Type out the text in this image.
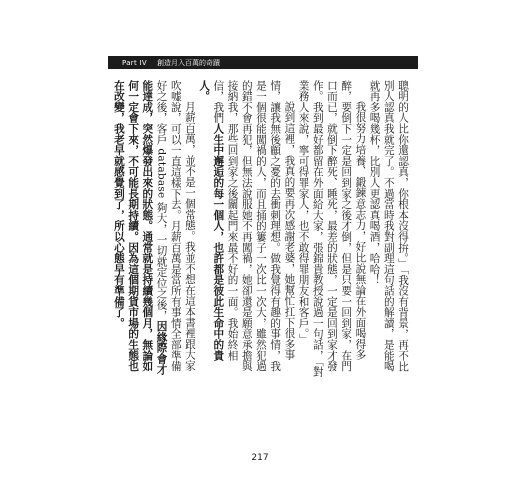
Part IV 創造月入百萬的奇蹟

聰明的人比你還認真，你根本沒得拚。」「我沒有背景，再不比別人認真我就完了。不過當時我對副理這句話的解讀，是能喝就再多喝幾杯，比別人更認真喝酒，哈哈！

我很努力培養、鍛鍊意志力，好比說無論在外面喝得多醉，要倒下一定是回到家之後才倒，但是只要一回到家，在門口而已，就倒下醉死、睡死，最差的狀態，一定是回到家才發作。我到最好都留在外面給大家，張錦貴教授說過一句話，「對業務人來說，寧可得罪家人，也不敢得罪朋友和客戶。」

說到這裡，我真的要再次感謝老婆，她幫忙扛下很多事情，讓我無後顧之憂的去衝刺理想。做我覺得有趣的事情，我是一個很能闖禍的人，而且捅的簍子一次比一次大，雖然犯過的錯不會再犯，但無法說服她不再闖禍，她卻還是願意承擔與接納我，那些回到家之後關起門來最不好的一面。我始終相信，我們人生中邂逅的每一個人，也許都是彼此生命中的貴人。

月薪百萬，並不是一個常態。我並不想在這本書裡跟大家吹嘘說，可以一直這樣下去。月薪百萬是當所有事情全部準備好之後，客戶 database 夠大，一切就定位之後，因緣際會才能達成，突然爆發出來的狀態。通常就是持續幾個月，無論如何一定會下來，不可能長期持續。因為這個期貨市場的生態也在改變，我老早就感覺到了，所以心態早有準備了。

217
